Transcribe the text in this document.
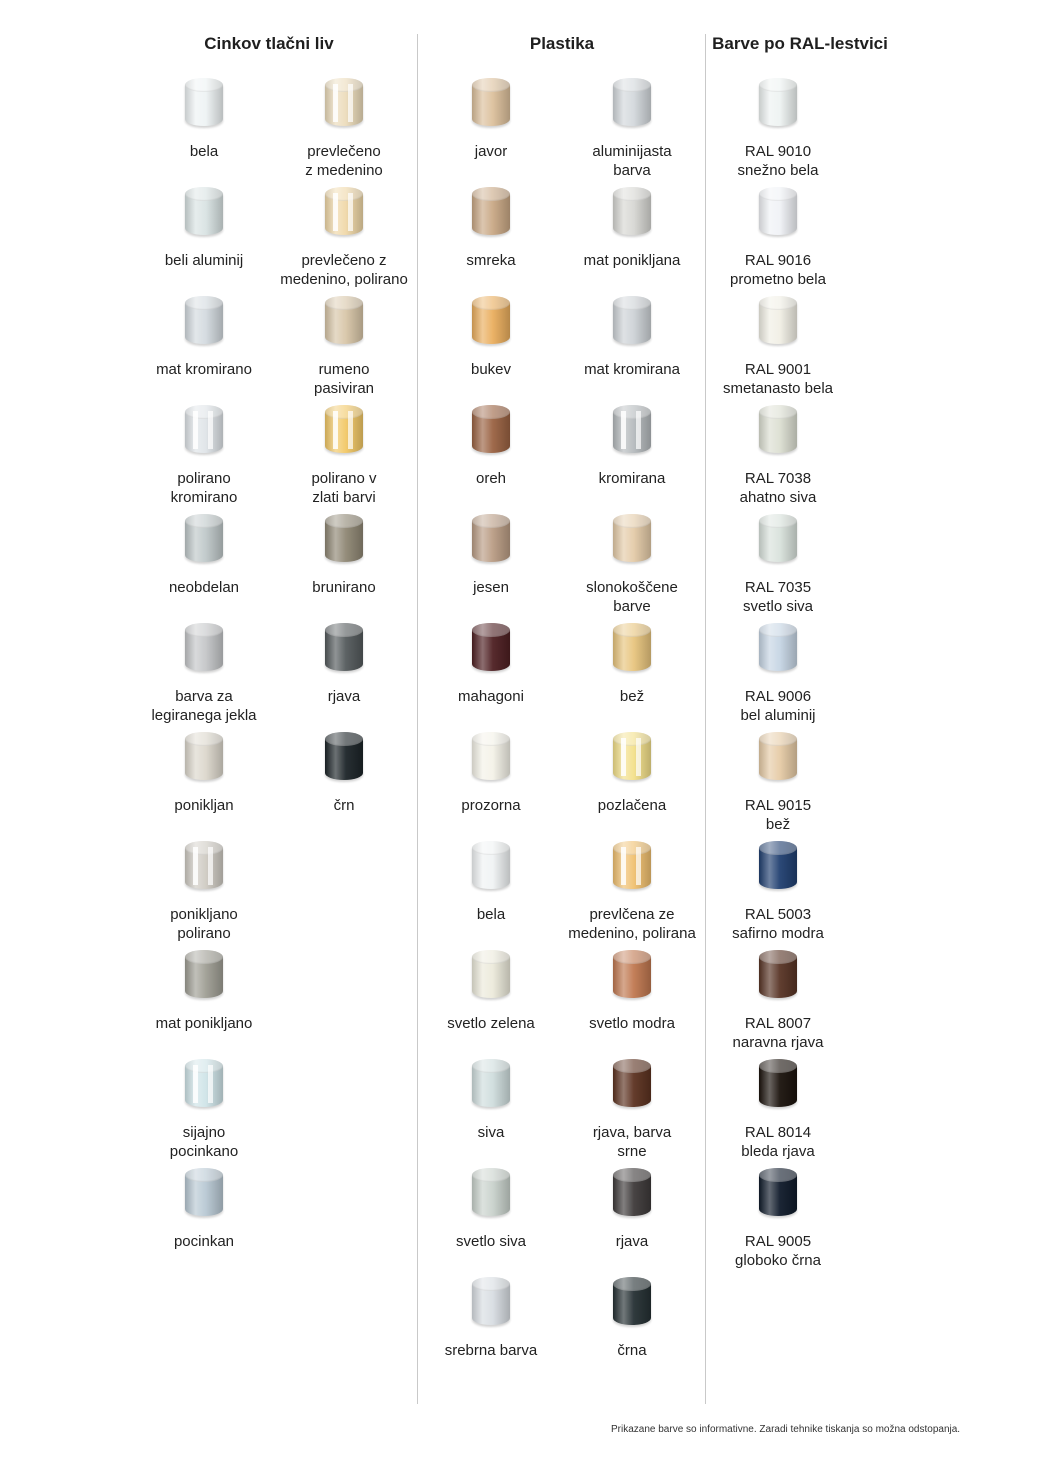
Cinkov tlačni liv	Plastika	Barve po RAL-lestvici
bela
beli aluminij
mat kromirano
polirano
kromirano
neobdelan
barva za
legiranega jekla
ponikljan
ponikljano
polirano
mat ponikljano
sijajno
pocinkano
pocinkan
prevlečeno
z medenino
prevlečeno z
medenino, polirano
rumeno
pasiviran
polirano v
zlati barvi
brunirano
rjava
črn
javor
smreka
bukev
oreh
jesen
mahagoni
prozorna
bela
svetlo zelena
siva
svetlo siva
srebrna barva
aluminijasta
barva
mat ponikljana
mat kromirana
kromirana
slonokoščene
barve
bež
pozlačena
prevlčena ze
medenino, polirana
svetlo modra
rjava, barva
srne
rjava
črna
RAL 9010
snežno bela
RAL 9016
prometno bela
RAL 9001
smetanasto bela
RAL 7038
ahatno siva
RAL 7035
svetlo siva
RAL 9006
bel aluminij
RAL 9015
bež
RAL 5003
safirno modra
RAL 8007
naravna rjava
RAL 8014
bleda rjava
RAL 9005
globoko črna
Prikazane barve so informativne. Zaradi tehnike tiskanja so možna odstopanja.
